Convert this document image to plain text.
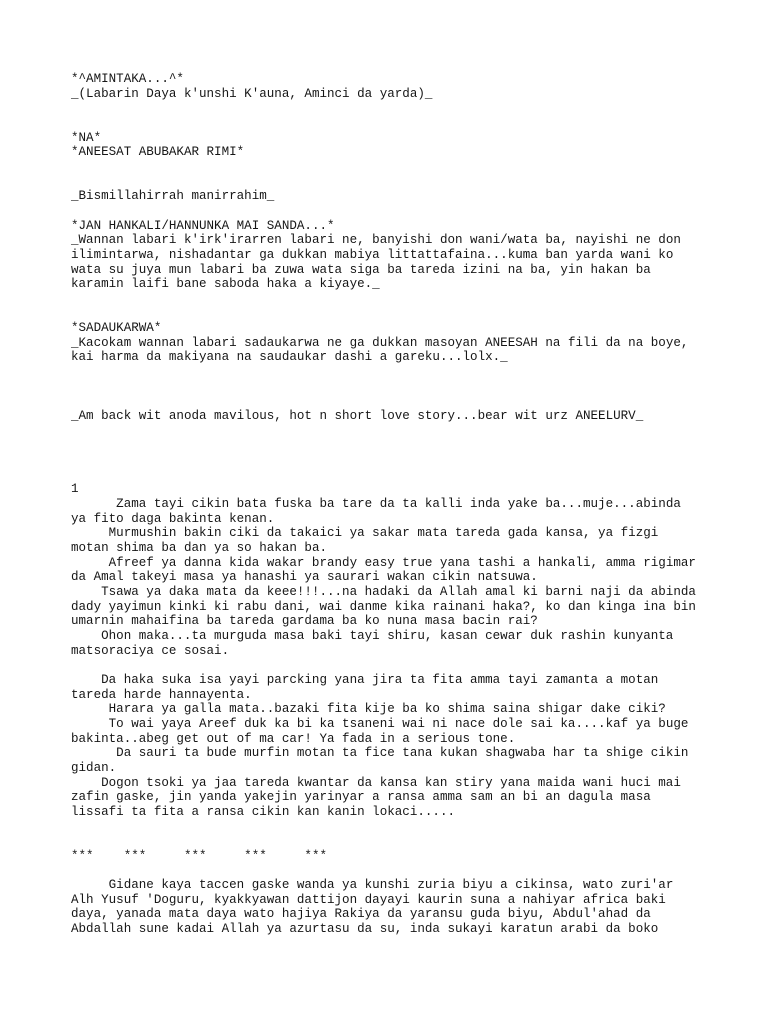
*^AMINTAKA...^*
_(Labarin Daya k'unshi K'auna, Aminci da yarda)_
*NA*
*ANEESAT ABUBAKAR RIMI*
_Bismillahirrah manirrahim_
*JAN HANKALI/HANNUNKA MAI SANDA...*
_Wannan labari k'irk'irarren labari ne, banyishi don wani/wata ba, nayishi ne don
ilimintarwa, nishadantar ga dukkan mabiya littattafaina...kuma ban yarda wani ko
wata su juya mun labari ba zuwa wata siga ba tareda izini na ba, yin hakan ba
karamin laifi bane saboda haka a kiyaye._
*SADAUKARWA*
_Kacokam wannan labari sadaukarwa ne ga dukkan masoyan ANEESAH na fili da na boye,
kai harma da makiyana na saudaukar dashi a gareku...lolx._
_Am back wit anoda mavilous, hot n short love story...bear wit urz ANEELURV_
1
Zama tayi cikin bata fuska ba tare da ta kalli inda yake ba...muje...abinda
ya fito daga bakinta kenan.
Murmushin bakin ciki da takaici ya sakar mata tareda gada kansa, ya fizgi
motan shima ba dan ya so hakan ba.
Afreef ya danna kida wakar brandy easy true yana tashi a hankali, amma rigimar
da Amal takeyi masa ya hanashi ya saurari wakan cikin natsuwa.
Tsawa ya daka mata da keee!!!...na hadaki da Allah amal ki barni naji da abinda
dady yayimun kinki ki rabu dani, wai danme kika rainani haka?, ko dan kinga ina bin
umarnin mahaifina ba tareda gardama ba ko nuna masa bacin rai?
Ohon maka...ta murguda masa baki tayi shiru, kasan cewar duk rashin kunyanta
matsoraciya ce sosai.
Da haka suka isa yayi parcking yana jira ta fita amma tayi zamanta a motan
tareda harde hannayenta.
Harara ya galla mata..bazaki fita kije ba ko shima saina shigar dake ciki?
To wai yaya Areef duk ka bi ka tsaneni wai ni nace dole sai ka....kaf ya buge
bakinta..abeg get out of ma car! Ya fada in a serious tone.
Da sauri ta bude murfin motan ta fice tana kukan shagwaba har ta shige cikin
gidan.
Dogon tsoki ya jaa tareda kwantar da kansa kan stiry yana maida wani huci mai
zafin gaske, jin yanda yakejin yarinyar a ransa amma sam an bi an dagula masa
lissafi ta fita a ransa cikin kan kanin lokaci.....
***    ***     ***     ***     ***
Gidane kaya taccen gaske wanda ya kunshi zuria biyu a cikinsa, wato zuri'ar
Alh Yusuf 'Doguru, kyakkyawan dattijon dayayi kaurin suna a nahiyar africa baki
daya, yanada mata daya wato hajiya Rakiya da yaransu guda biyu, Abdul'ahad da
Abdallah sune kadai Allah ya azurtasu da su, inda sukayi karatun arabi da boko
